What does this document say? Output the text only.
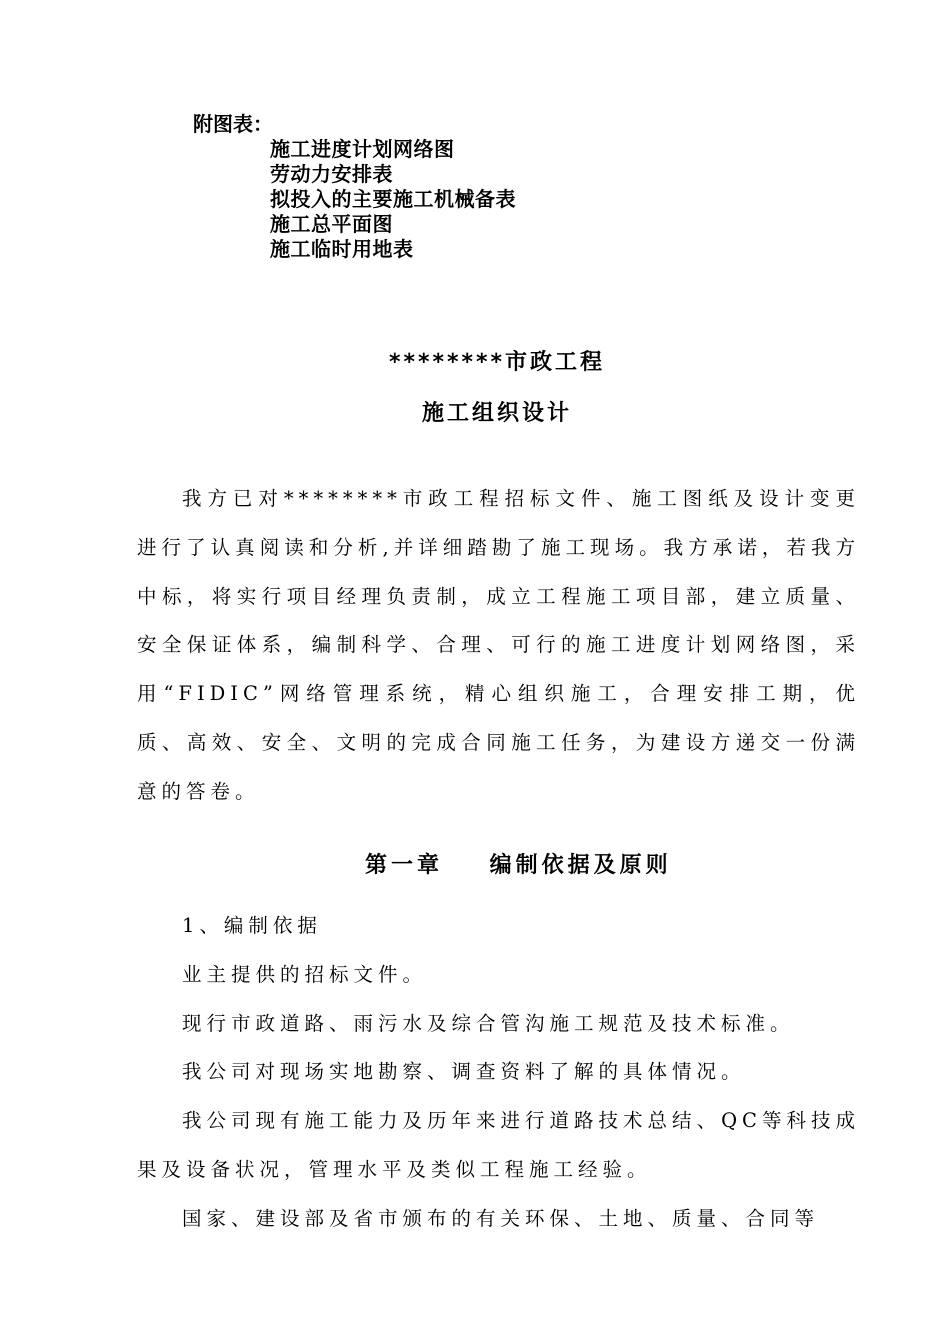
附图表：
施工进度计划网络图
劳动力安排表
拟投入的主要施工机械备表
施工总平面图
施工临时用地表
********市政工程
施工组织设计

我方已对********市政工程招标文件、施工图纸及设计变更进行了认真阅读和分析,并详细踏勘了施工现场。我方承诺，若我方中标，将实行项目经理负责制，成立工程施工项目部，建立质量、安全保证体系，编制科学、合理、可行的施工进度计划网络图，采用“FIDIC”网络管理系统，精心组织施工，合理安排工期，优质、高效、安全、文明的完成合同施工任务，为建设方递交一份满意的答卷。

第一章    编制依据及原则

1、编制依据

业主提供的招标文件。

现行市政道路、雨污水及综合管沟施工规范及技术标准。

我公司对现场实地勘察、调查资料了解的具体情况。

我公司现有施工能力及历年来进行道路技术总结、QC等科技成果及设备状况，管理水平及类似工程施工经验。

国家、建设部及省市颁布的有关环保、土地、质量、合同等
